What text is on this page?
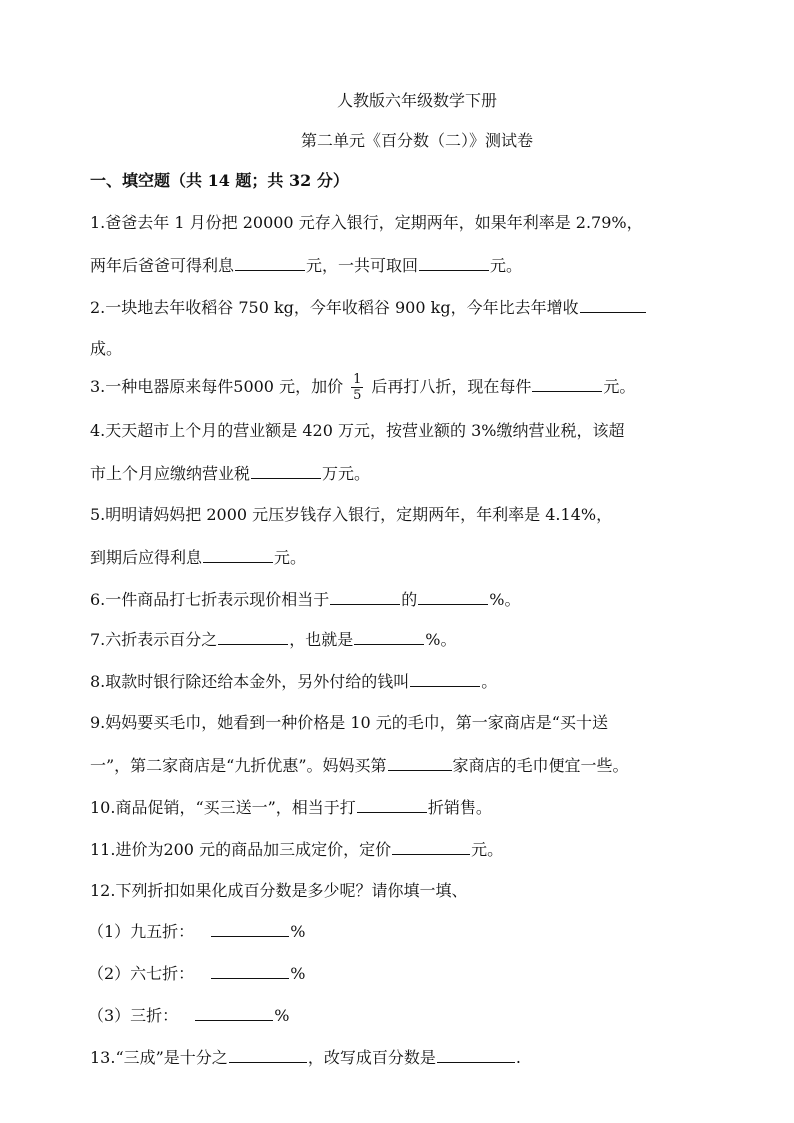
人教版六年级数学下册
第二单元《百分数（二）》测试卷
一、填空题（共 14 题；共 32 分）
1.爸爸去年 1 月份把 20000 元存入银行，定期两年，如果年利率是 2.79%，
两年后爸爸可得利息	元，一共可取回	元。
2.一块地去年收稻谷 750 kg，今年收稻谷 900 kg，今年比去年增收
成。
3.一种电器原来每件5000 元，加价 $\frac{1}{5}$ 后再打八折，现在每件	元。
4.天天超市上个月的营业额是 420 万元，按营业额的 3%缴纳营业税，该超
市上个月应缴纳营业税	万元。
5.明明请妈妈把 2000 元压岁钱存入银行，定期两年，年利率是 4.14%，
到期后应得利息	元。
6.一件商品打七折表示现价相当于	的	%。
7.六折表示百分之	，也就是	%。
8.取款时银行除还给本金外，另外付给的钱叫	。
9.妈妈要买毛巾，她看到一种价格是 10 元的毛巾，第一家商店是“买十送
一”，第二家商店是“九折优惠”。妈妈买第	家商店的毛巾便宜一些。
10.商品促销，“买三送一”，相当于打	折销售。
11.进价为200 元的商品加三成定价，定价	元。
12.下列折扣如果化成百分数是多少呢？请你填一填、
（1）九五折：	%
（2）六七折：	%
（3）三折：	%
13.“三成”是十分之	，改写成百分数是	.
